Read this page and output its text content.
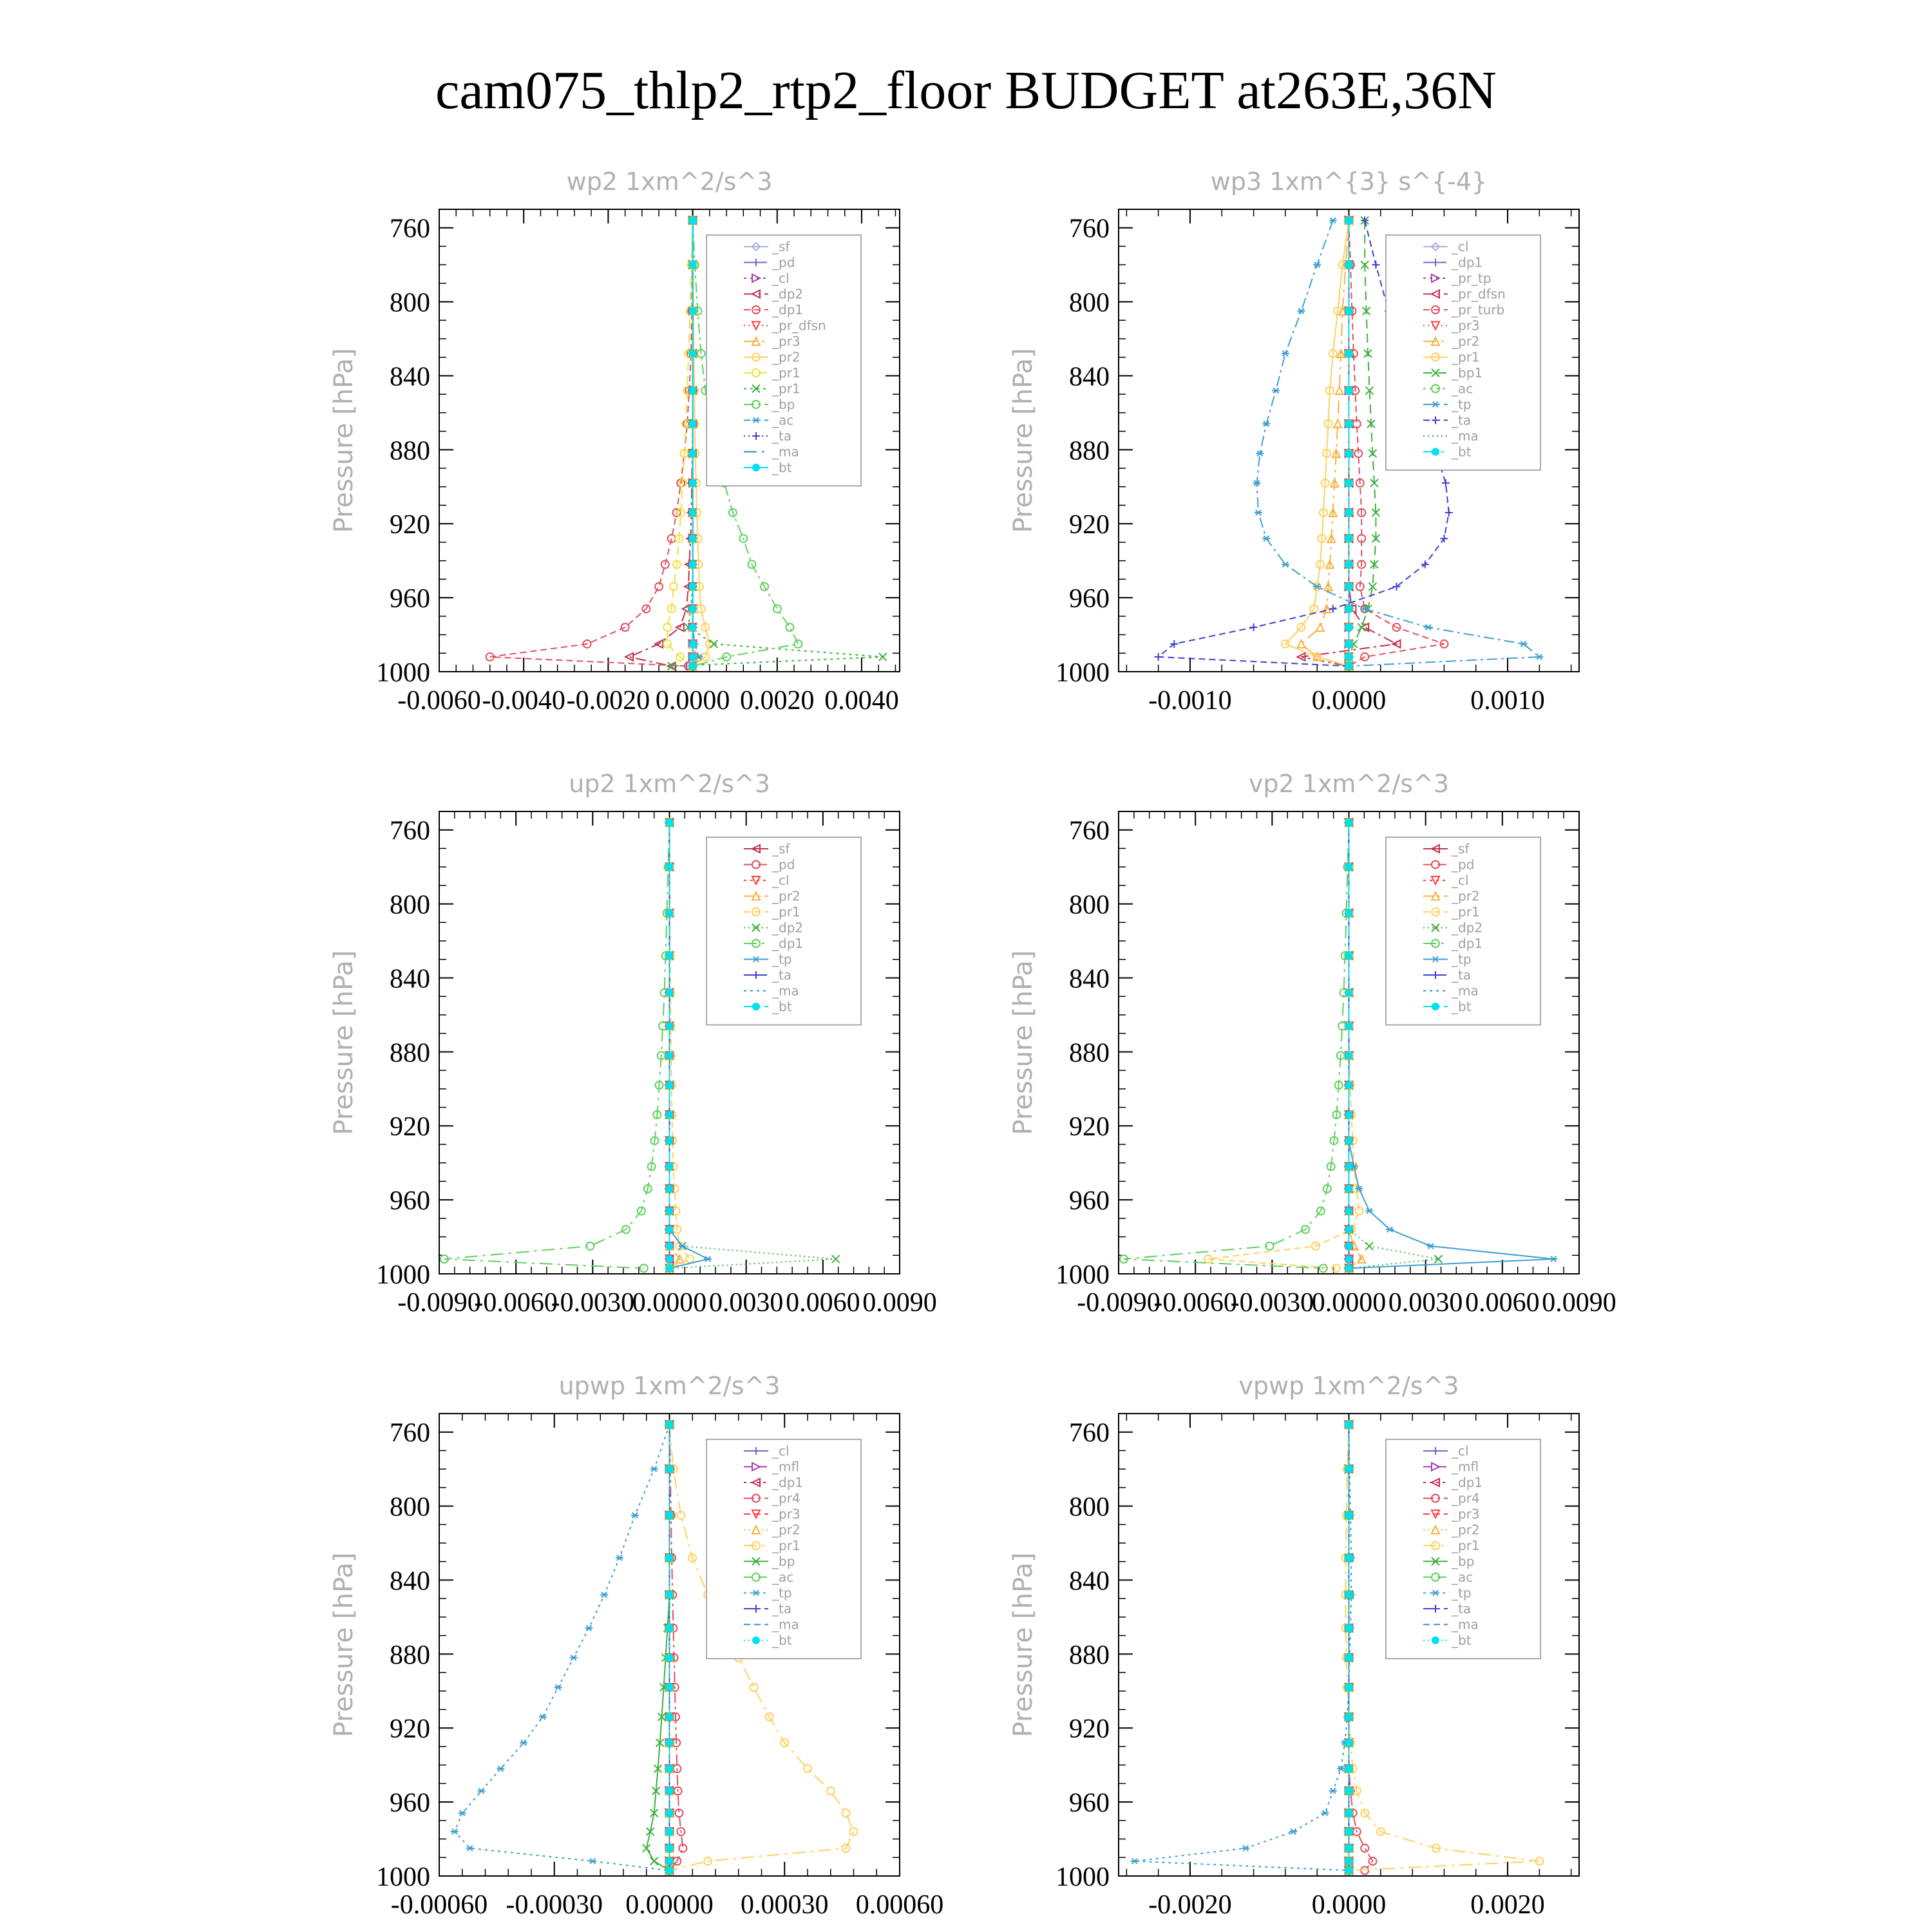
cam075_thlp2_rtp2_floor BUDGET at263E,36N
wp2 1xm^2/s^3
Pressure [hPa]
760
800
840
880
920
960
1000
-0.0060 -0.0040 -0.0020 0.0000 0.0020 0.0040
_sf
_pd
_cl
_dp2
_dp1
_pr_dfsn
_pr3
_pr2
_pr1
_pr1
_bp
_ac
_ta
_ma
_bt
wp3 1xm^{3} s^{-4}
Pressure [hPa]
760
800
840
880
920
960
1000
-0.0010	0.0000	0.0010
_cl
_dp1
_pr_tp
_pr_dfsn
_pr_turb
_pr3
_pr2
_pr1
_bp1
_ac
_tp
_ta
_ma
_bt
up2 1xm^2/s^3
Pressure [hPa]
760
800
840
880
920
960
1000
-0.0090
-0.0060
-0.0030
0.0000 0.0030 0.0060 0.0090
_sf
_pd
_cl
_pr2
_pr1
_dp2
_dp1
_tp
_ta
_ma
_bt
vp2 1xm^2/s^3
Pressure [hPa]
760
800
840
880
920
960
1000
-0.0090
-0.0060
-0.0030
0.0000 0.0030 0.0060 0.0090
_sf
_pd
_cl
_pr2
_pr1
_dp2
_dp1
_tp
_ta
_ma
_bt
upwp 1xm^2/s^3
Pressure [hPa]
760
800
840
880
920
960
1000
-0.00060 -0.00030 0.00000 0.00030 0.00060
_cl
_mfl
_dp1
_pr4
_pr3
_pr2
_pr1
_bp
_ac
_tp
_ta
_ma
_bt
vpwp 1xm^2/s^3
Pressure [hPa]
760
800
840
880
920
960
1000
-0.0020	0.0000	0.0020
_cl
_mfl
_dp1
_pr4
_pr3
_pr2
_pr1
_bp
_ac
_tp
_ta
_ma
_bt
